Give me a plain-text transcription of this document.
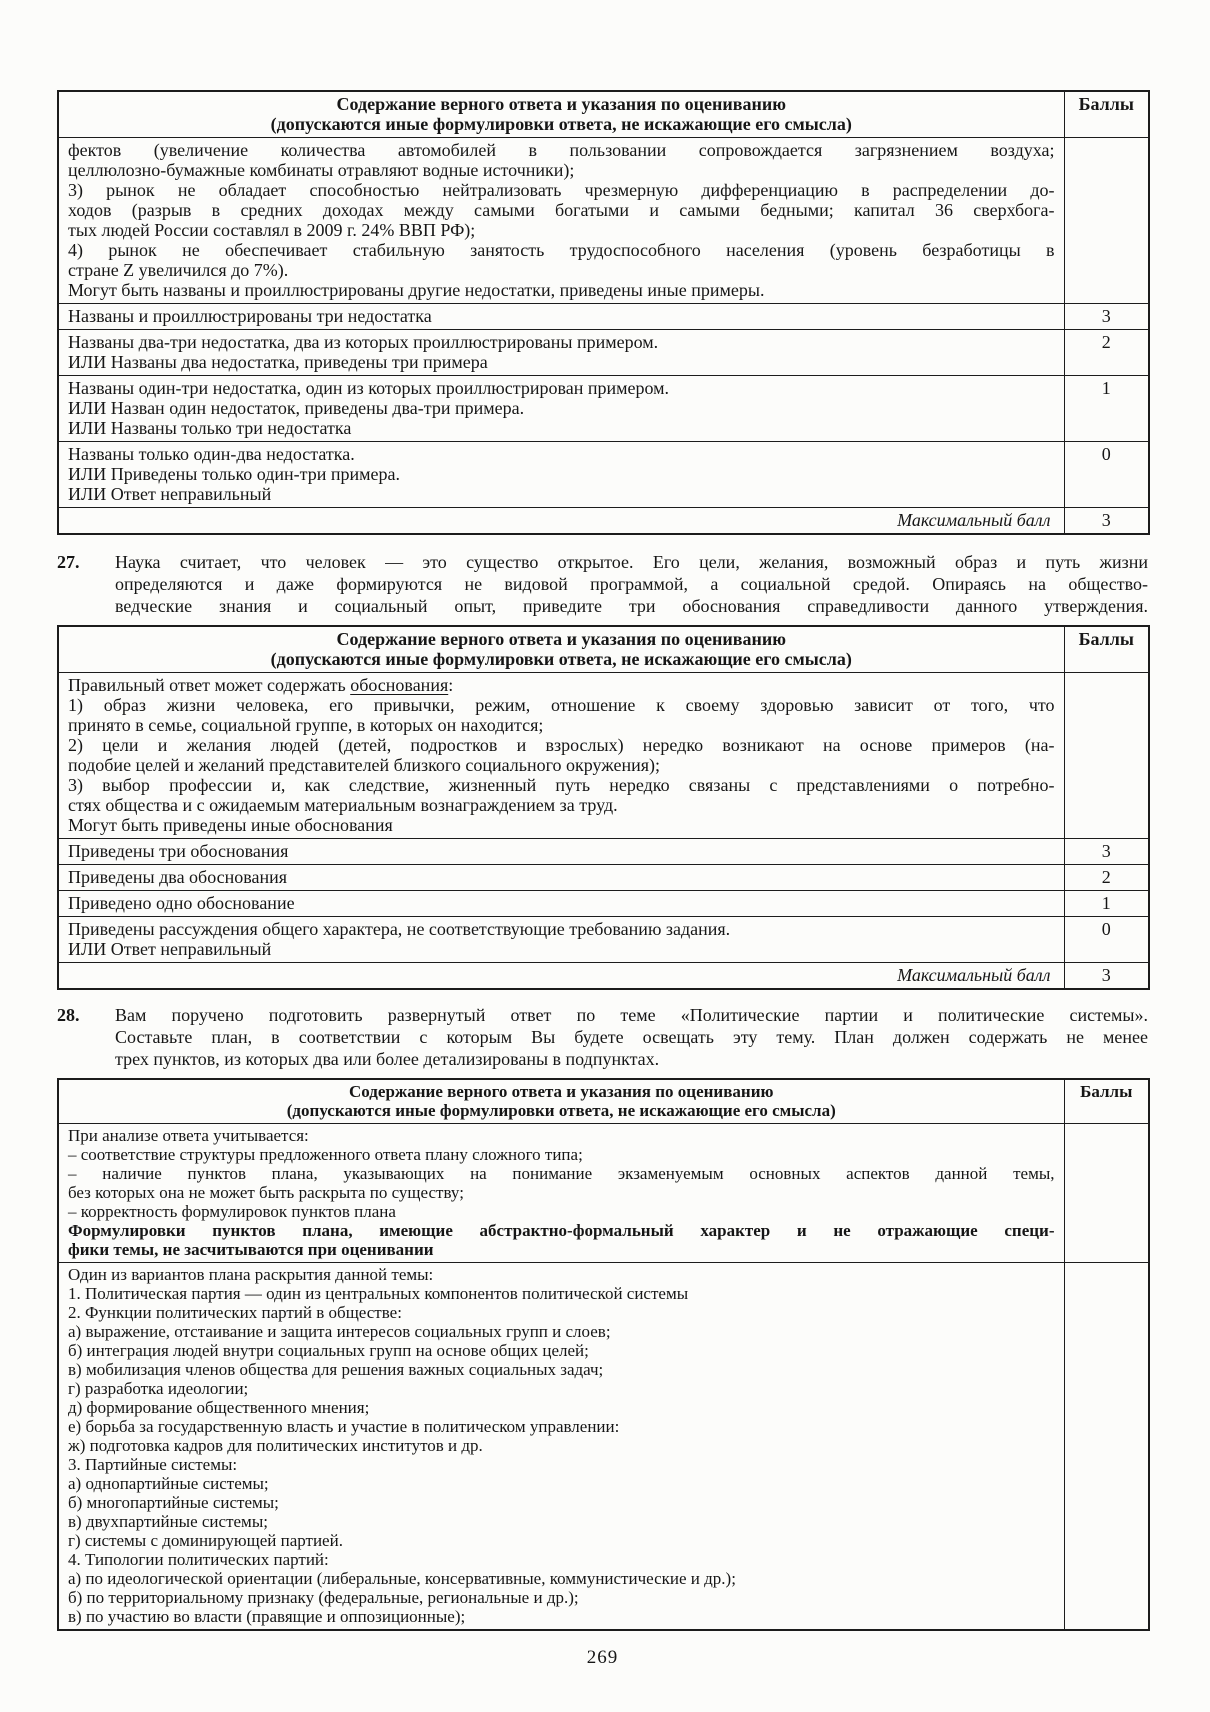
Содержание верного ответа и указания по оцениванию
(допускаются иные формулировки ответа, не искажающие его смысла)	Баллы

фектов (увеличение количества автомобилей в пользовании сопровождается загрязнением воздуха;
целлюлозно-бумажные комбинаты отравляют водные источники);
3) рынок не обладает способностью нейтрализовать чрезмерную дифференциацию в распределении до-
ходов (разрыв в средних доходах между самыми богатыми и самыми бедными; капитал 36 сверхбога-
тых людей России составлял в 2009 г. 24% ВВП РФ);
4) рынок не обеспечивает стабильную занятость трудоспособного населения (уровень безработицы в
стране Z увеличился до 7%).
Могут быть названы и проиллюстрированы другие недостатки, приведены иные примеры.

Названы и проиллюстрированы три недостатка	3

Названы два-три недостатка, два из которых проиллюстрированы примером.
ИЛИ Названы два недостатка, приведены три примера	2

Названы один-три недостатка, один из которых проиллюстрирован примером.
ИЛИ Назван один недостаток, приведены два-три примера.
ИЛИ Названы только три недостатка	1

Названы только один-два недостатка.
ИЛИ Приведены только один-три примера.
ИЛИ Ответ неправильный	0

Максимальный балл	3
27.	Наука считает, что человек — это существо открытое. Его цели, желания, возможный образ и путь жизни
определяются и даже формируются не видовой программой, а социальной средой. Опираясь на общество-
ведческие знания и социальный опыт, приведите три обоснования справедливости данного утверждения.
Содержание верного ответа и указания по оцениванию
(допускаются иные формулировки ответа, не искажающие его смысла)	Баллы

Правильный ответ может содержать обоснования:
1) образ жизни человека, его привычки, режим, отношение к своему здоровью зависит от того, что
принято в семье, социальной группе, в которых он находится;
2) цели и желания людей (детей, подростков и взрослых) нередко возникают на основе примеров (на-
подобие целей и желаний представителей близкого социального окружения);
3) выбор профессии и, как следствие, жизненный путь нередко связаны с представлениями о потребно-
стях общества и с ожидаемым материальным вознаграждением за труд.
Могут быть приведены иные обоснования

Приведены три обоснования	3

Приведены два обоснования	2

Приведено одно обоснование	1

Приведены рассуждения общего характера, не соответствующие требованию задания.
ИЛИ Ответ неправильный	0

Максимальный балл	3
28.	Вам поручено подготовить развернутый ответ по теме «Политические партии и политические системы».
Составьте план, в соответствии с которым Вы будете освещать эту тему. План должен содержать не менее
трех пунктов, из которых два или более детализированы в подпунктах.
Содержание верного ответа и указания по оцениванию
(допускаются иные формулировки ответа, не искажающие его смысла)	Баллы

При анализе ответа учитывается:
– соответствие структуры предложенного ответа плану сложного типа;
– наличие пунктов плана, указывающих на понимание экзаменуемым основных аспектов данной темы,
без которых она не может быть раскрыта по существу;
– корректность формулировок пунктов плана
Формулировки пунктов плана, имеющие абстрактно-формальный характер и не отражающие специ-
фики темы, не засчитываются при оценивании

Один из вариантов плана раскрытия данной темы:
1. Политическая партия — один из центральных компонентов политической системы
2. Функции политических партий в обществе:
а) выражение, отстаивание и защита интересов социальных групп и слоев;
б) интеграция людей внутри социальных групп на основе общих целей;
в) мобилизация членов общества для решения важных социальных задач;
г) разработка идеологии;
д) формирование общественного мнения;
е) борьба за государственную власть и участие в политическом управлении:
ж) подготовка кадров для политических институтов и др.
3. Партийные системы:
а) однопартийные системы;
б) многопартийные системы;
в) двухпартийные системы;
г) системы с доминирующей партией.
4. Типологии политических партий:
а) по идеологической ориентации (либеральные, консервативные, коммунистические и др.);
б) по территориальному признаку (федеральные, региональные и др.);
в) по участию во власти (правящие и оппозиционные);

269
